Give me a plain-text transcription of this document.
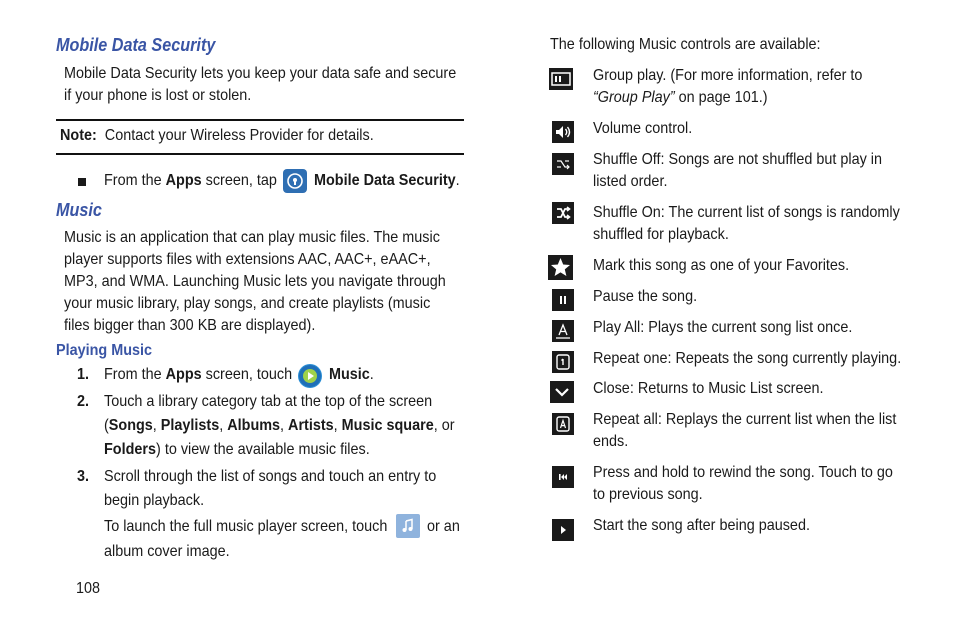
Mobile Data Security
Mobile Data Security lets you keep your data safe and secure
if your phone is lost or stolen.
Note: Contact your Wireless Provider for details.
From the Apps screen, tap Mobile Data Security.
Music
Music is an application that can play music files. The music
player supports files with extensions AAC, AAC+, eAAC+,
MP3, and WMA. Launching Music lets you navigate through
your music library, play songs, and create playlists (music
files bigger than 300 KB are displayed).
Playing Music
1. From the Apps screen, touch Music.
2. Touch a library category tab at the top of the screen
(Songs, Playlists, Albums, Artists, Music square, or
Folders) to view the available music files.
3. Scroll through the list of songs and touch an entry to
begin playback.
To launch the full music player screen, touch or an
album cover image.
108
The following Music controls are available:
Group play. (For more information, refer to
“Group Play” on page 101.)
Volume control.
Shuffle Off: Songs are not shuffled but play in
listed order.
Shuffle On: The current list of songs is randomly
shuffled for playback.
Mark this song as one of your Favorites.
Pause the song.
Play All: Plays the current song list once.
Repeat one: Repeats the song currently playing.
Close: Returns to Music List screen.
Repeat all: Replays the current list when the list
ends.
Press and hold to rewind the song. Touch to go
to previous song.
Start the song after being paused.
